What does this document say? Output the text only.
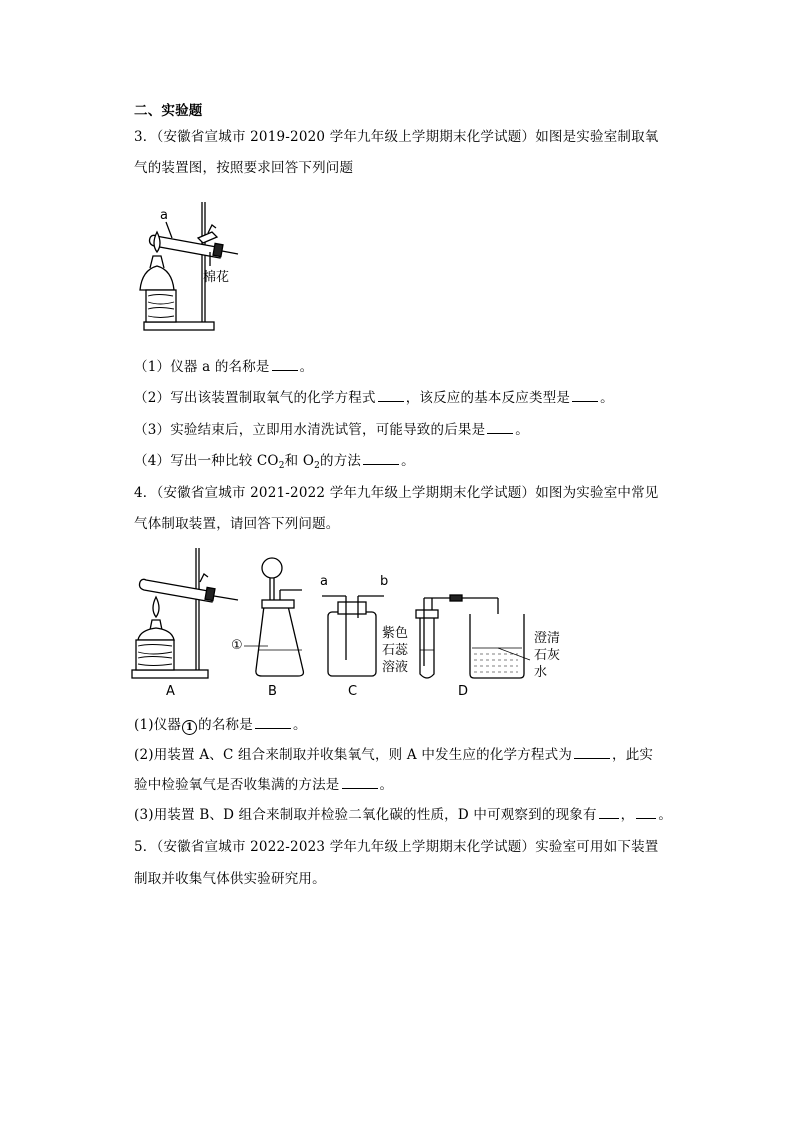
二、实验题
3．（安徽省宣城市 2019-2020 学年九年级上学期期末化学试题）如图是实验室制取氧
气的装置图，按照要求回答下列问题
a
棉花
（1）仪器 a 的名称是 。
（2）写出该装置制取氧气的化学方程式 ，该反应的基本反应类型是 。
（3）实验结束后，立即用水清洗试管，可能导致的后果是 。
（4）写出一种比较 $CO_2$和 $O_2$的方法	。
4．（安徽省宣城市 2021-2022 学年九年级上学期期末化学试题）如图为实验室中常见
气体制取装置，请回答下列问题。
A	B	C	D
a	b
①
紫色
石蕊
溶液
澄清
石灰
水
(1)仪器 1 的名称是	。
(2)用装置 A、C 组合来制取并收集氧气，则 A 中发生应的化学方程式为	，此实
验中检验氧气是否收集满的方法是	。
(3)用装置 B、D 组合来制取并检验二氧化碳的性质，D 中可观察到的现象有 ， 。
5．（安徽省宣城市 2022-2023 学年九年级上学期期末化学试题）实验室可用如下装置
制取并收集气体供实验研究用。
